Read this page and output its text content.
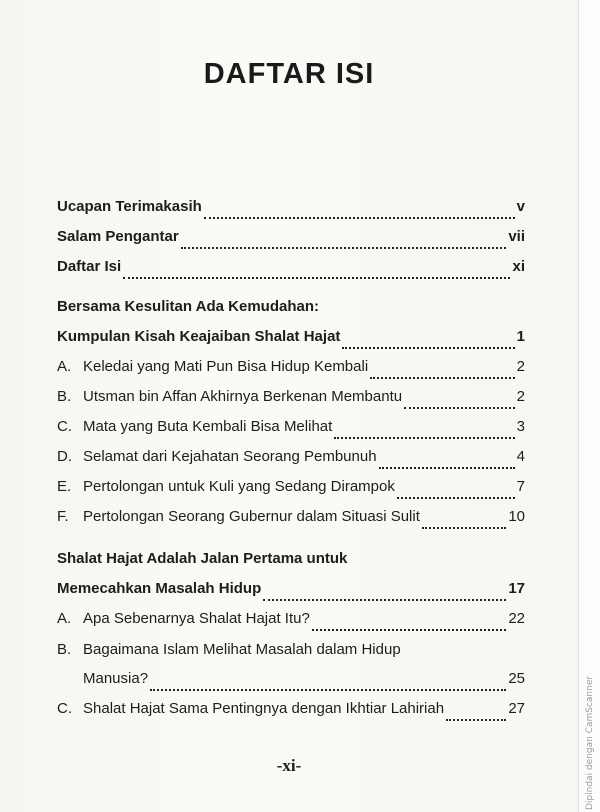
DAFTAR ISI
Ucapan Terimakasih	v
Salam Pengantar	vii
Daftar Isi	xi
Bersama Kesulitan Ada Kemudahan:
Kumpulan Kisah Keajaiban Shalat Hajat	1
A. Keledai yang Mati Pun Bisa Hidup Kembali	2
B. Utsman bin Affan Akhirnya Berkenan Membantu	2
C. Mata yang Buta Kembali Bisa Melihat	3
D. Selamat dari Kejahatan Seorang Pembunuh	4
E. Pertolongan untuk Kuli yang Sedang Dirampok	7
F. Pertolongan Seorang Gubernur dalam Situasi Sulit	10
Shalat Hajat Adalah Jalan Pertama untuk
Memecahkan Masalah Hidup	17
A. Apa Sebenarnya Shalat Hajat Itu?	22
B. Bagaimana Islam Melihat Masalah dalam Hidup
Manusia?	25
C. Shalat Hajat Sama Pentingnya dengan Ikhtiar Lahiriah	27
-xi-	Dipindai dengan CamScanner
